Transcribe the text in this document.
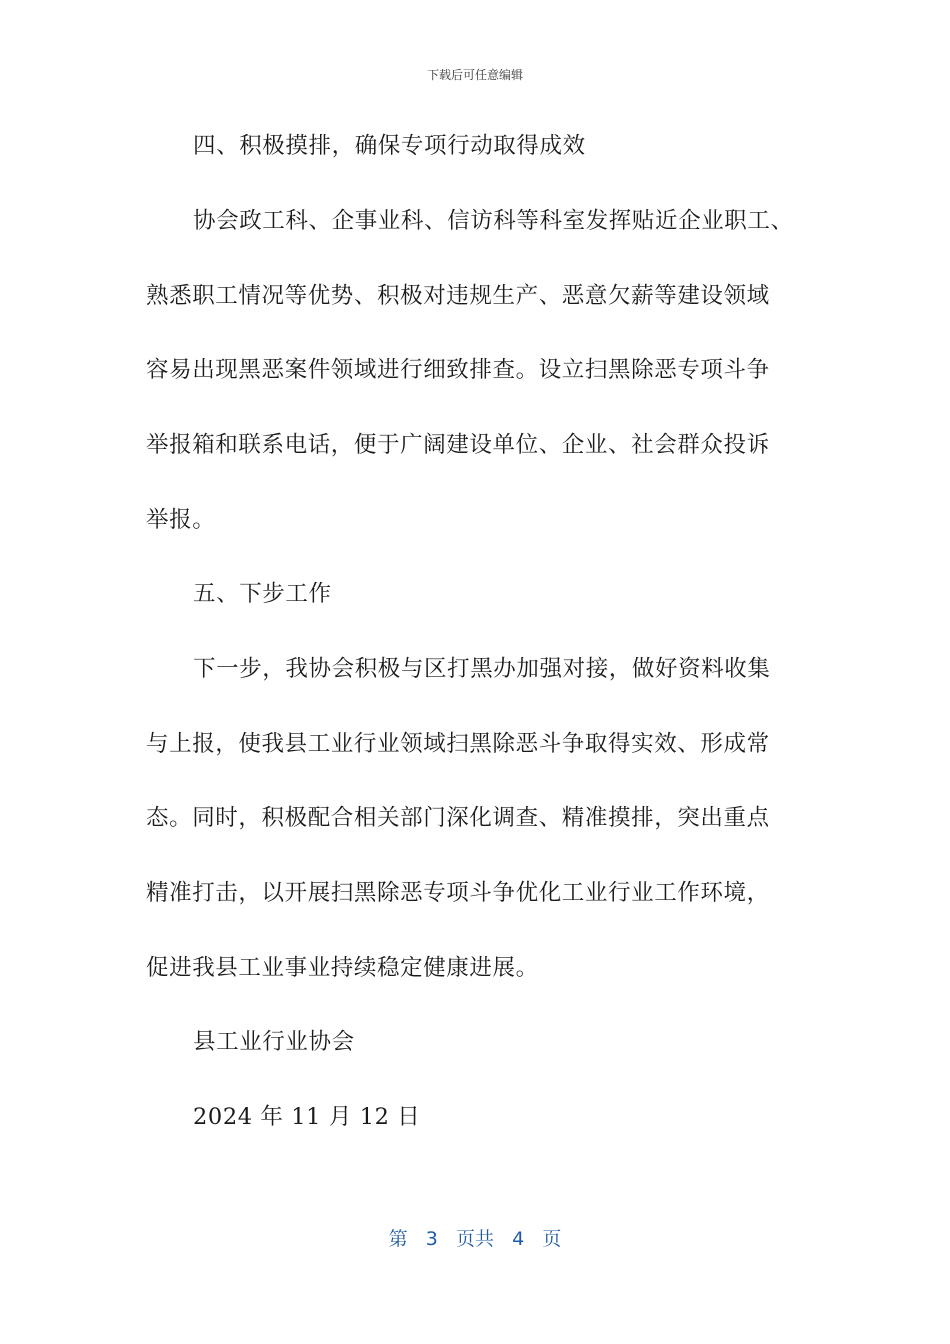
下载后可任意编辑
四、积极摸排，确保专项行动取得成效
协会政工科、企事业科、信访科等科室发挥贴近企业职工、
熟悉职工情况等优势、积极对违规生产、恶意欠薪等建设领域
容易出现黑恶案件领域进行细致排查。设立扫黑除恶专项斗争
举报箱和联系电话，便于广阔建设单位、企业、社会群众投诉
举报。
五、下步工作
下一步，我协会积极与区打黑办加强对接，做好资料收集
与上报，使我县工业行业领域扫黑除恶斗争取得实效、形成常
态。同时，积极配合相关部门深化调查、精准摸排，突出重点
精准打击，以开展扫黑除恶专项斗争优化工业行业工作环境，
促进我县工业事业持续稳定健康进展。
县工业行业协会
2024 年 11 月 12 日
第 3 页共 4 页
